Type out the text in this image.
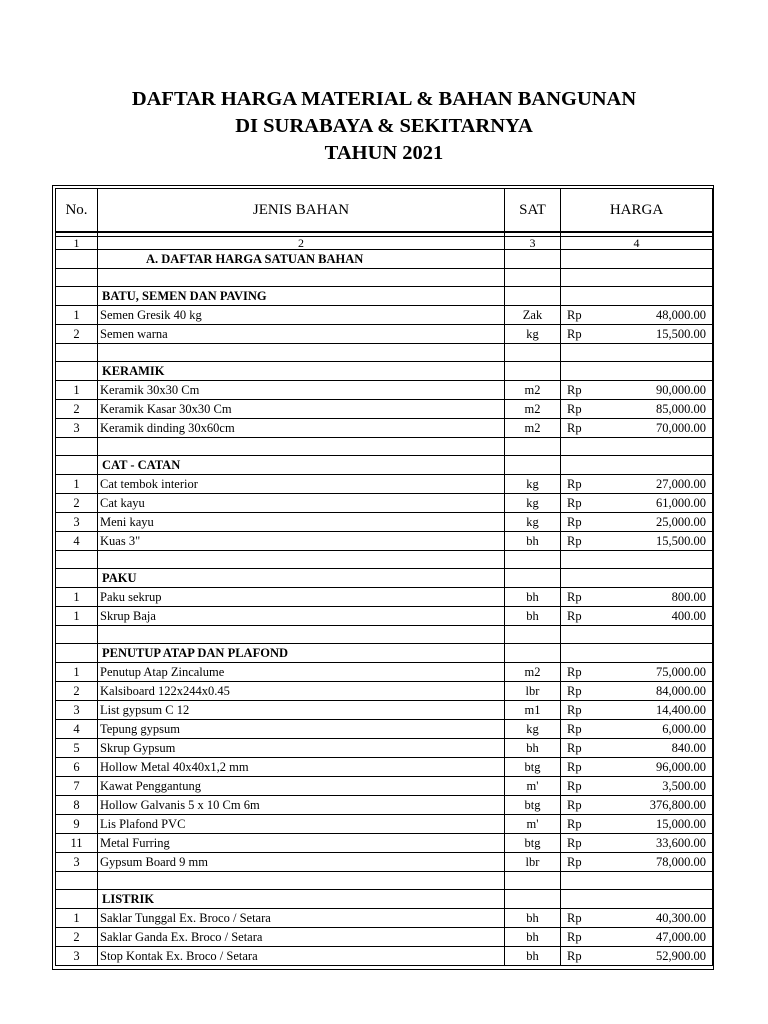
DAFTAR HARGA MATERIAL & BAHAN BANGUNAN
DI SURABAYA & SEKITARNYA
TAHUN 2021
No.	JENIS BAHAN	SAT	HARGA

1	2	3	4
	A. DAFTAR HARGA SATUAN BAHAN		

	BATU, SEMEN DAN PAVING		
1	Semen Gresik 40 kg	Zak	Rp 48,000.00

2	Semen warna	kg	Rp 15,500.00

	KERAMIK		
1	Keramik 30x30 Cm	m2	Rp 90,000.00

2	Keramik Kasar 30x30 Cm	m2	Rp 85,000.00

3	Keramik dinding 30x60cm	m2	Rp 70,000.00

	CAT - CATAN		
1	Cat tembok interior	kg	Rp 27,000.00

2	Cat kayu	kg	Rp 61,000.00

3	Meni kayu	kg	Rp 25,000.00

4	Kuas 3"	bh	Rp 15,500.00

	PAKU		
1	Paku sekrup	bh	Rp 800.00

1	Skrup Baja	bh	Rp 400.00

	PENUTUP ATAP DAN PLAFOND		
1	Penutup Atap Zincalume	m2	Rp 75,000.00

2	Kalsiboard 122x244x0.45	lbr	Rp 84,000.00

3	List gypsum C 12	m1	Rp 14,400.00

4	Tepung gypsum	kg	Rp 6,000.00

5	Skrup Gypsum	bh	Rp 840.00

6	Hollow Metal 40x40x1,2 mm	btg	Rp 96,000.00

7	Kawat Penggantung	m'	Rp 3,500.00

8	Hollow Galvanis 5 x 10 Cm 6m	btg	Rp 376,800.00

9	Lis Plafond PVC	m'	Rp 15,000.00

11	Metal Furring	btg	Rp 33,600.00

3	Gypsum Board 9 mm	lbr	Rp 78,000.00

	LISTRIK		
1	Saklar Tunggal Ex. Broco / Setara	bh	Rp 40,300.00

2	Saklar Ganda Ex. Broco / Setara	bh	Rp 47,000.00

3	Stop Kontak Ex. Broco / Setara	bh	Rp 52,900.00
